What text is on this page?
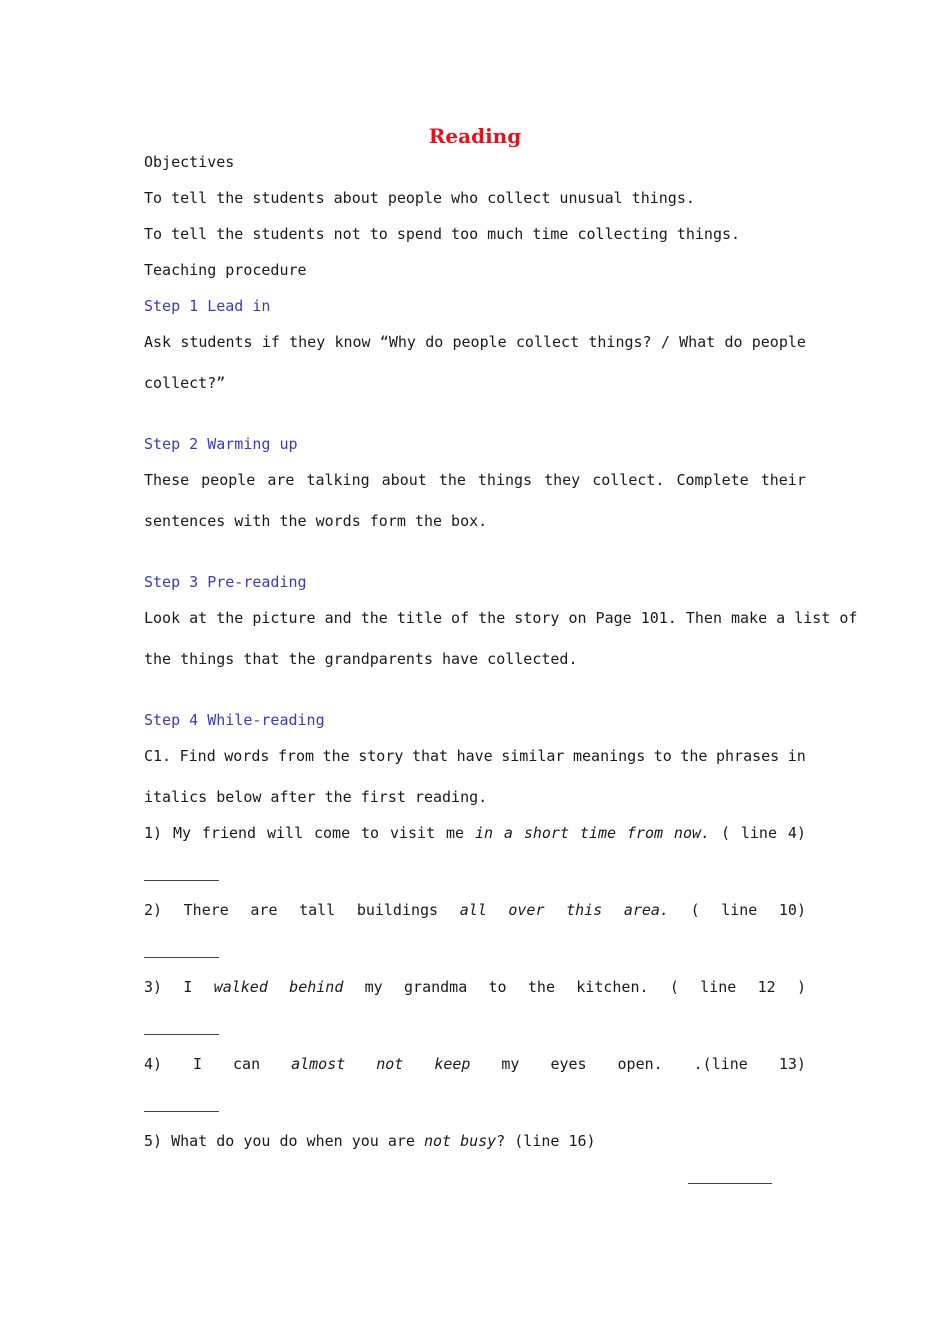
Reading
Objectives
To tell the students about people who collect unusual things.
To tell the students not to spend too much time collecting things.
Teaching procedure
Step 1 Lead in
Ask students if they know “Why do people collect things? / What do people
collect?”
Step 2 Warming up
These people are talking about the things they collect. Complete their
sentences with the words form the box.
Step 3 Pre-reading
Look at the picture and the title of the story on Page 101. Then make a list of
the things that the grandparents have collected.
Step 4 While-reading
C1. Find words from the story that have similar meanings to the phrases in
italics below after the first reading.
1) My friend will come to visit me in a short time from now. ( line 4)
2) There are tall buildings all over this area. ( line 10)
3) I walked behind my grandma to the kitchen. ( line 12 )
4) I can almost not keep my eyes open. .(line 13)
5) What do you do when you are not busy? (line 16)
